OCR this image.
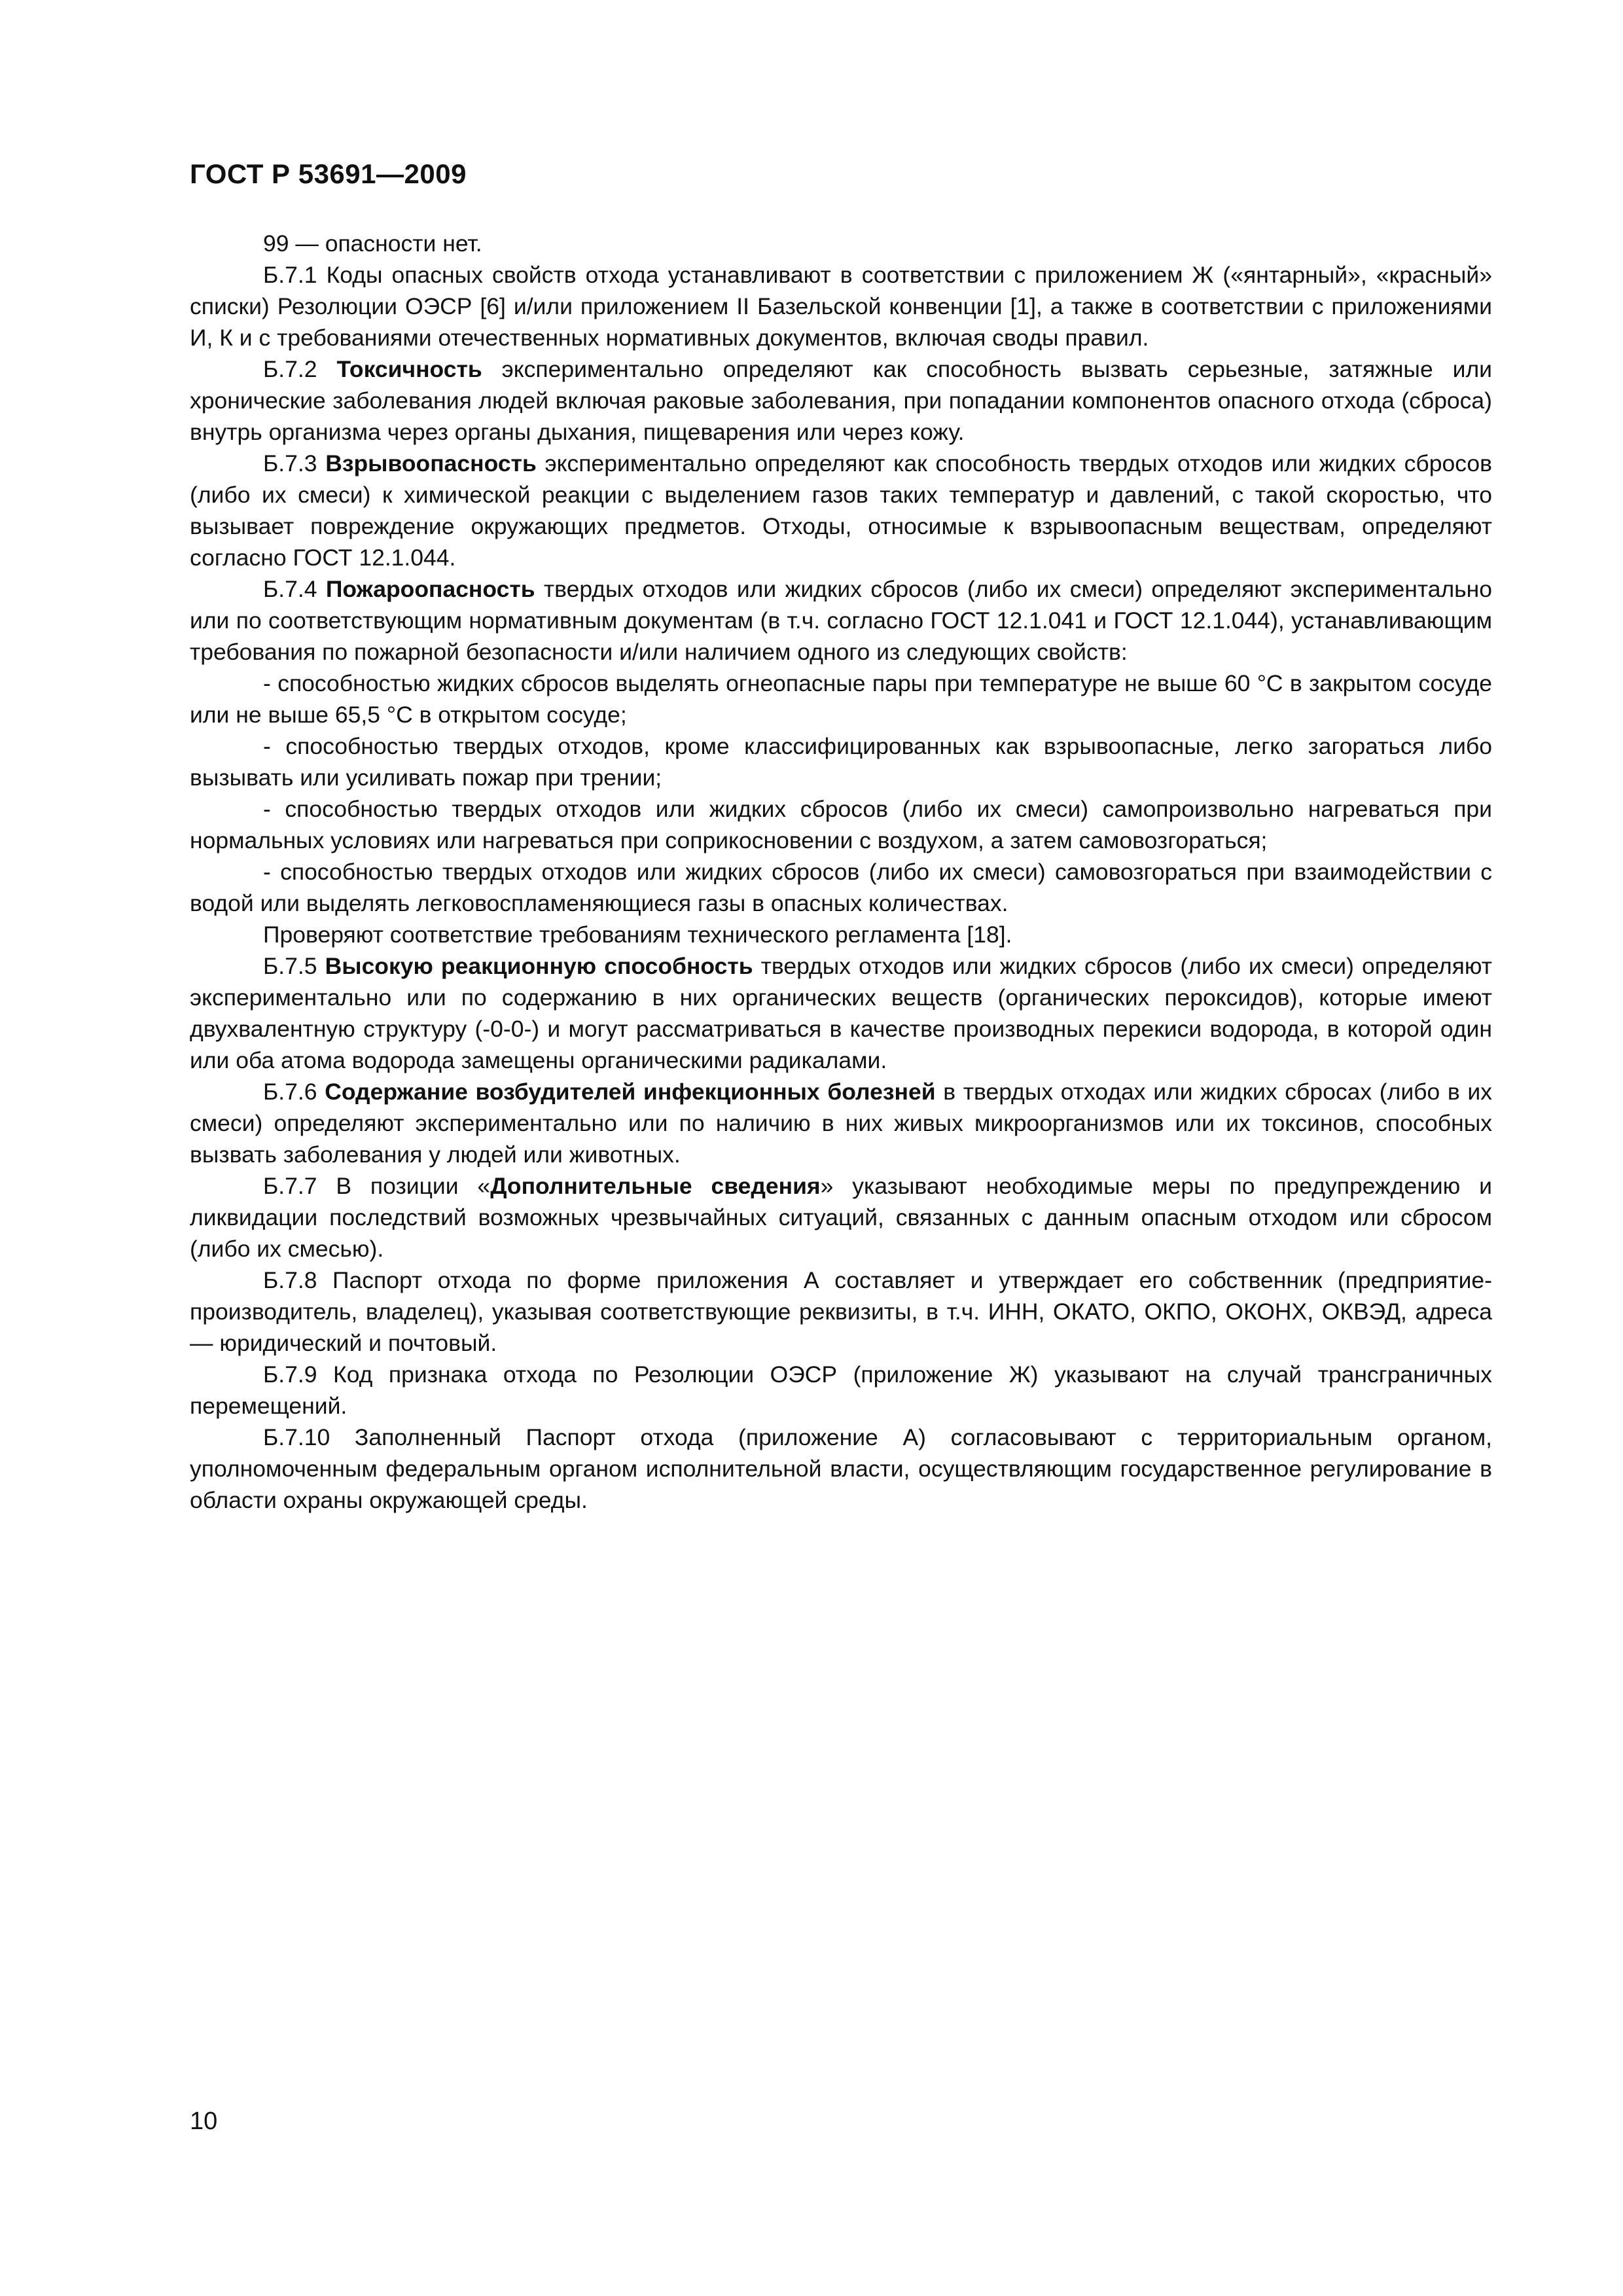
ГОСТ Р 53691—2009

99 — опасности нет.

Б.7.1 Коды опасных свойств отхода устанавливают в соответствии с приложением Ж («янтарный», «красный» списки) Резолюции ОЭСР [6] и/или приложением II Базельской конвенции [1], а также в соответствии с приложениями И, К и с требованиями отечественных нормативных документов, включая своды правил.

Б.7.2 Токсичность экспериментально определяют как способность вызвать серьезные, затяжные или хронические заболевания людей включая раковые заболевания, при попадании компонентов опасного отхода (сброса) внутрь организма через органы дыхания, пищеварения или через кожу.

Б.7.3 Взрывоопасность экспериментально определяют как способность твердых отходов или жидких сбросов (либо их смеси) к химической реакции с выделением газов таких температур и давлений, с такой скоростью, что вызывает повреждение окружающих предметов. Отходы, относимые к взрывоопасным веществам, определяют согласно ГОСТ 12.1.044.

Б.7.4 Пожароопасность твердых отходов или жидких сбросов (либо их смеси) определяют экспериментально или по соответствующим нормативным документам (в т.ч. согласно ГОСТ 12.1.041 и ГОСТ 12.1.044), устанавливающим требования по пожарной безопасности и/или наличием одного из следующих свойств:

- способностью жидких сбросов выделять огнеопасные пары при температуре не выше 60 °С в закрытом сосуде или не выше 65,5 °С в открытом сосуде;

- способностью твердых отходов, кроме классифицированных как взрывоопасные, легко загораться либо вызывать или усиливать пожар при трении;

- способностью твердых отходов или жидких сбросов (либо их смеси) самопроизвольно нагреваться при нормальных условиях или нагреваться при соприкосновении с воздухом, а затем самовозгораться;

- способностью твердых отходов или жидких сбросов (либо их смеси) самовозгораться при взаимодействии с водой или выделять легковоспламеняющиеся газы в опасных количествах.

Проверяют соответствие требованиям технического регламента [18].

Б.7.5 Высокую реакционную способность твердых отходов или жидких сбросов (либо их смеси) определяют экспериментально или по содержанию в них органических веществ (органических пероксидов), которые имеют двухвалентную структуру (-0-0-) и могут рассматриваться в качестве производных перекиси водорода, в которой один или оба атома водорода замещены органическими радикалами.

Б.7.6 Содержание возбудителей инфекционных болезней в твердых отходах или жидких сбросах (либо в их смеси) определяют экспериментально или по наличию в них живых микроорганизмов или их токсинов, способных вызвать заболевания у людей или животных.

Б.7.7 В позиции «Дополнительные сведения» указывают необходимые меры по предупреждению и ликвидации последствий возможных чрезвычайных ситуаций, связанных с данным опасным отходом или сбросом (либо их смесью).

Б.7.8 Паспорт отхода по форме приложения А составляет и утверждает его собственник (предприятие-производитель, владелец), указывая соответствующие реквизиты, в т.ч. ИНН, ОКАТО, ОКПО, ОКОНХ, ОКВЭД, адреса — юридический и почтовый.

Б.7.9 Код признака отхода по Резолюции ОЭСР (приложение Ж) указывают на случай трансграничных перемещений.

Б.7.10 Заполненный Паспорт отхода (приложение А) согласовывают с территориальным органом, уполномоченным федеральным органом исполнительной власти, осуществляющим государственное регулирование в области охраны окружающей среды.

10
